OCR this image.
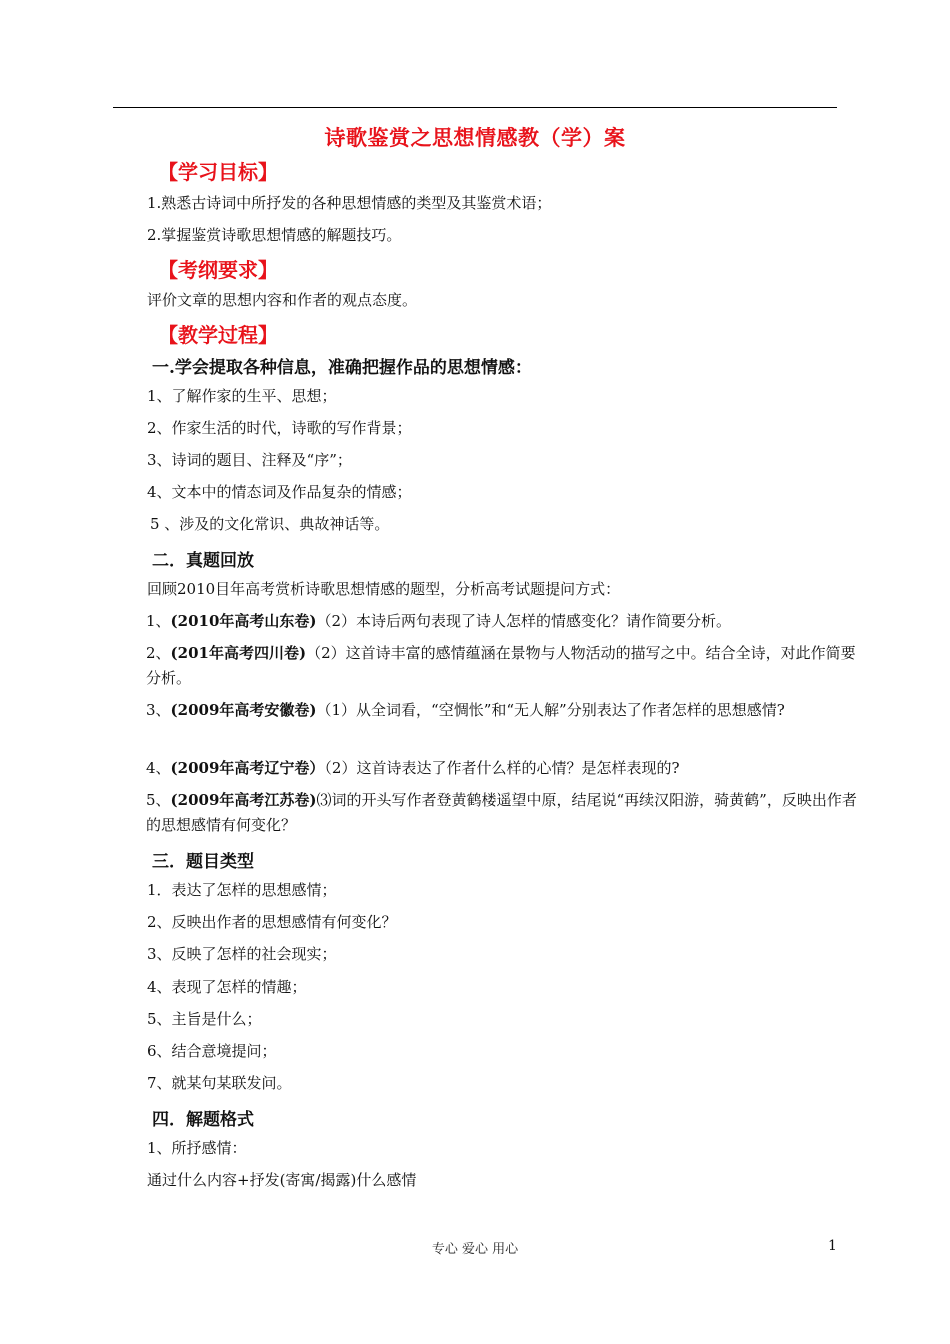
诗歌鉴赏之思想情感教（学）案
【学习目标】
1.熟悉古诗词中所抒发的各种思想情感的类型及其鉴赏术语；
2.掌握鉴赏诗歌思想情感的解题技巧。
【考纲要求】
评价文章的思想内容和作者的观点态度。
【教学过程】
一.学会提取各种信息，准确把握作品的思想情感：
1、了解作家的生平、思想；
2、作家生活的时代，诗歌的写作背景；
3、诗词的题目、注释及“序”；
4、文本中的情态词及作品复杂的情感；
5 、涉及的文化常识、典故神话等。
二．真题回放
回顾2010目年高考赏析诗歌思想情感的题型，分析高考试题提问方式：
1、(2010年高考山东卷)（2）本诗后两句表现了诗人怎样的情感变化？请作简要分析。
2、(201年高考四川卷)（2）这首诗丰富的感情蕴涵在景物与人物活动的描写之中。结合全诗，对此作简要分析。
3、(2009年高考安徽卷)（1）从全词看，“空惆怅”和“无人解”分别表达了作者怎样的思想感情?
4、(2009年高考辽宁卷）（2）这首诗表达了作者什么样的心情？是怎样表现的?
5、(2009年高考江苏卷)⑶词的开头写作者登黄鹤楼遥望中原，结尾说“再续汉阳游，骑黄鹤”，反映出作者的思想感情有何变化？
三．题目类型
1．表达了怎样的思想感情；
2、反映出作者的思想感情有何变化？
3、反映了怎样的社会现实；
4、表现了怎样的情趣；
5、主旨是什么；
6、结合意境提问；
7、就某句某联发问。
四．解题格式
1、所抒感情：
通过什么内容+抒发(寄寓/揭露)什么感情
专心 爱心 用心	1
